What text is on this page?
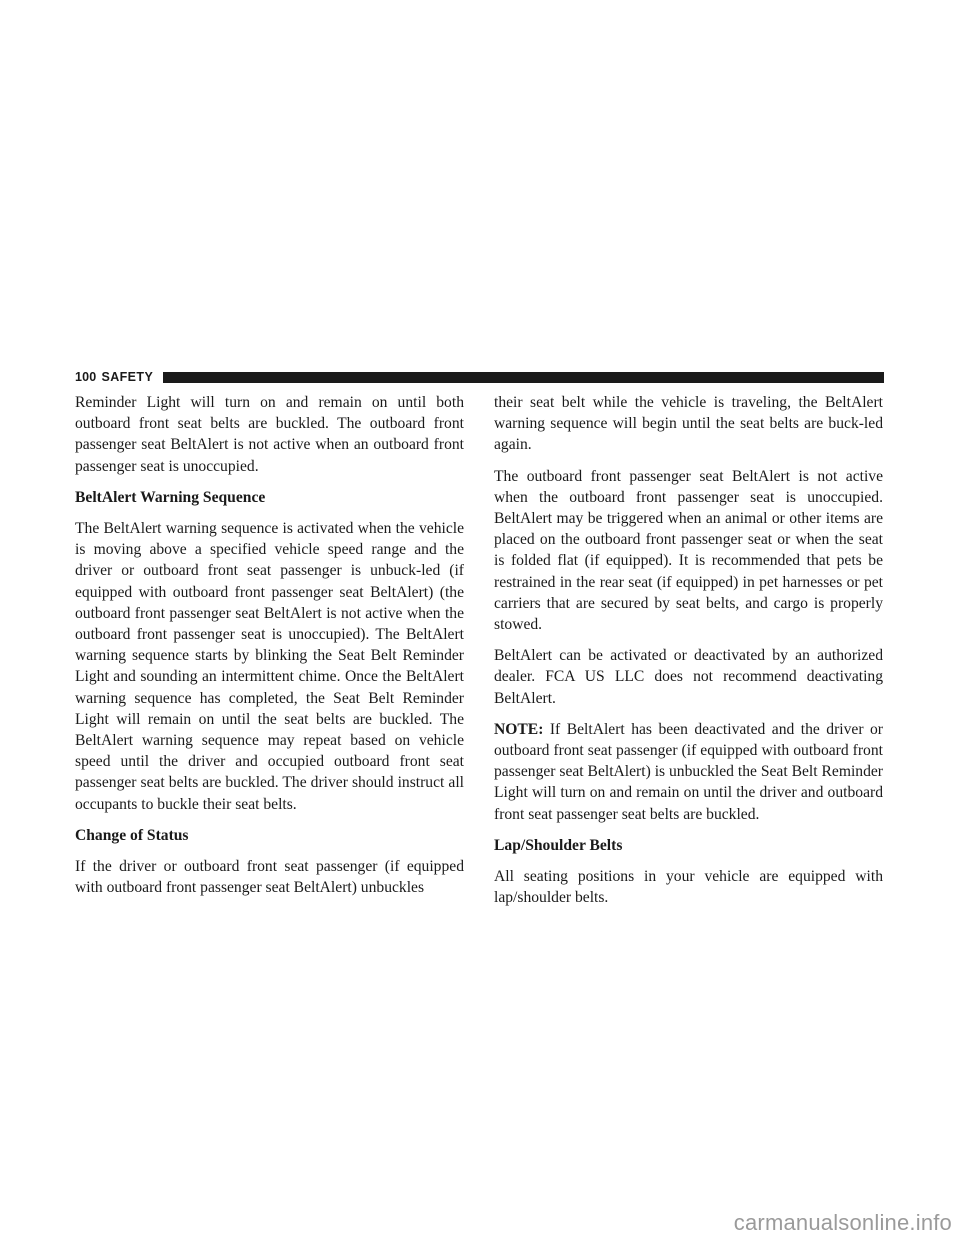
100 SAFETY

Reminder Light will turn on and remain on until both outboard front seat belts are buckled. The outboard front passenger seat BeltAlert is not active when an outboard front passenger seat is unoccupied.

BeltAlert Warning Sequence

The BeltAlert warning sequence is activated when the vehicle is moving above a specified vehicle speed range and the driver or outboard front seat passenger is unbuck-led (if equipped with outboard front passenger seat BeltAlert) (the outboard front passenger seat BeltAlert is not active when the outboard front passenger seat is unoccupied). The BeltAlert warning sequence starts by blinking the Seat Belt Reminder Light and sounding an intermittent chime. Once the BeltAlert warning sequence has completed, the Seat Belt Reminder Light will remain on until the seat belts are buckled. The BeltAlert warning sequence may repeat based on vehicle speed until the driver and occupied outboard front seat passenger seat belts are buckled. The driver should instruct all occupants to buckle their seat belts.

Change of Status

If the driver or outboard front seat passenger (if equipped with outboard front passenger seat BeltAlert) unbuckles

their seat belt while the vehicle is traveling, the BeltAlert warning sequence will begin until the seat belts are buck-led again.

The outboard front passenger seat BeltAlert is not active when the outboard front passenger seat is unoccupied. BeltAlert may be triggered when an animal or other items are placed on the outboard front passenger seat or when the seat is folded flat (if equipped). It is recommended that pets be restrained in the rear seat (if equipped) in pet harnesses or pet carriers that are secured by seat belts, and cargo is properly stowed.

BeltAlert can be activated or deactivated by an authorized dealer. FCA US LLC does not recommend deactivating BeltAlert.

NOTE: If BeltAlert has been deactivated and the driver or outboard front seat passenger (if equipped with outboard front passenger seat BeltAlert) is unbuckled the Seat Belt Reminder Light will turn on and remain on until the driver and outboard front seat passenger seat belts are buckled.

Lap/Shoulder Belts

All seating positions in your vehicle are equipped with lap/shoulder belts.

carmanualsonline.info
